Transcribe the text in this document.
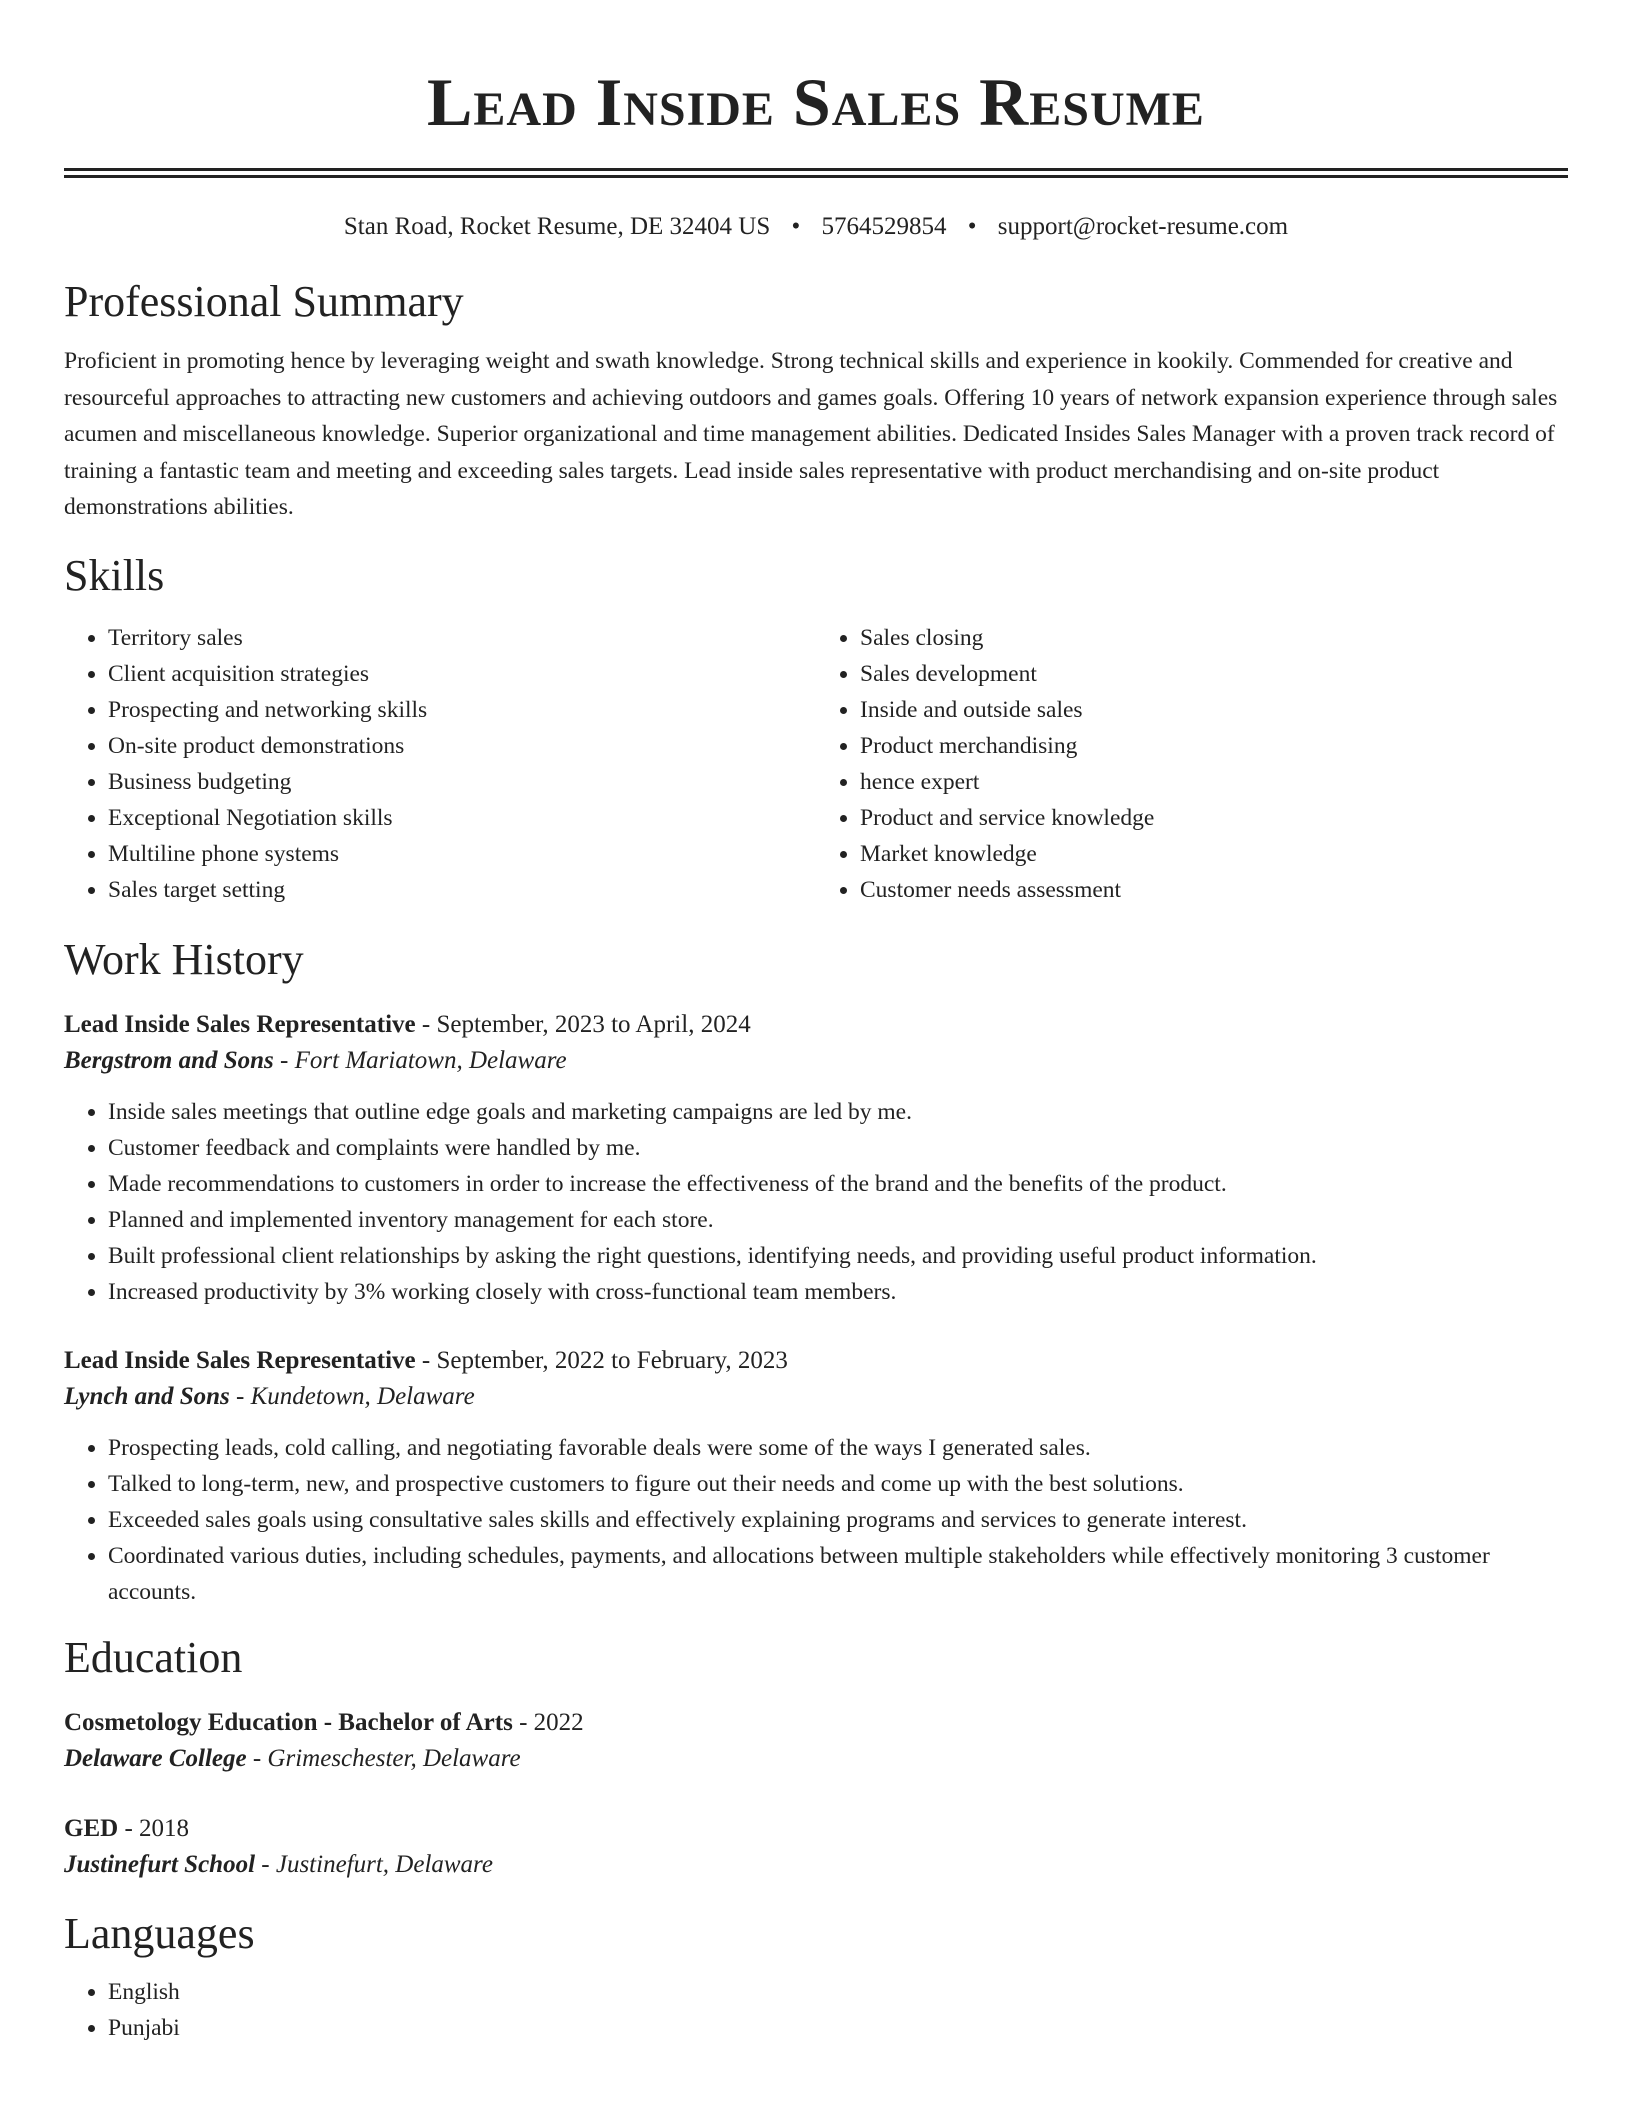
Lead Inside Sales Resume
Stan Road, Rocket Resume, DE 32404 US • 5764529854 • support@rocket-resume.com
Professional Summary

Proficient in promoting hence by leveraging weight and swath knowledge. Strong technical skills and experience in kookily. Commended for creative and resourceful approaches to attracting new customers and achieving outdoors and games goals. Offering 10 years of network expansion experience through sales acumen and miscellaneous knowledge. Superior organizational and time management abilities. Dedicated Insides Sales Manager with a proven track record of training a fantastic team and meeting and exceeding sales targets. Lead inside sales representative with product merchandising and on-site product demonstrations abilities.

Skills
• Territory sales
• Client acquisition strategies
• Prospecting and networking skills
• On-site product demonstrations
• Business budgeting
• Exceptional Negotiation skills
• Multiline phone systems
• Sales target setting
• Sales closing
• Sales development
• Inside and outside sales
• Product merchandising
• hence expert
• Product and service knowledge
• Market knowledge
• Customer needs assessment
Work History
Lead Inside Sales Representative - September, 2023 to April, 2024
Bergstrom and Sons - Fort Mariatown, Delaware
• Inside sales meetings that outline edge goals and marketing campaigns are led by me.
• Customer feedback and complaints were handled by me.
• Made recommendations to customers in order to increase the effectiveness of the brand and the benefits of the product.
• Planned and implemented inventory management for each store.
• Built professional client relationships by asking the right questions, identifying needs, and providing useful product information.
• Increased productivity by 3% working closely with cross-functional team members.
Lead Inside Sales Representative - September, 2022 to February, 2023
Lynch and Sons - Kundetown, Delaware
• Prospecting leads, cold calling, and negotiating favorable deals were some of the ways I generated sales.
• Talked to long-term, new, and prospective customers to figure out their needs and come up with the best solutions.
• Exceeded sales goals using consultative sales skills and effectively explaining programs and services to generate interest.
• Coordinated various duties, including schedules, payments, and allocations between multiple stakeholders while effectively monitoring 3 customer accounts.
Education
Cosmetology Education - Bachelor of Arts - 2022
Delaware College - Grimeschester, Delaware
GED - 2018
Justinefurt School - Justinefurt, Delaware
Languages
• English
• Punjabi
